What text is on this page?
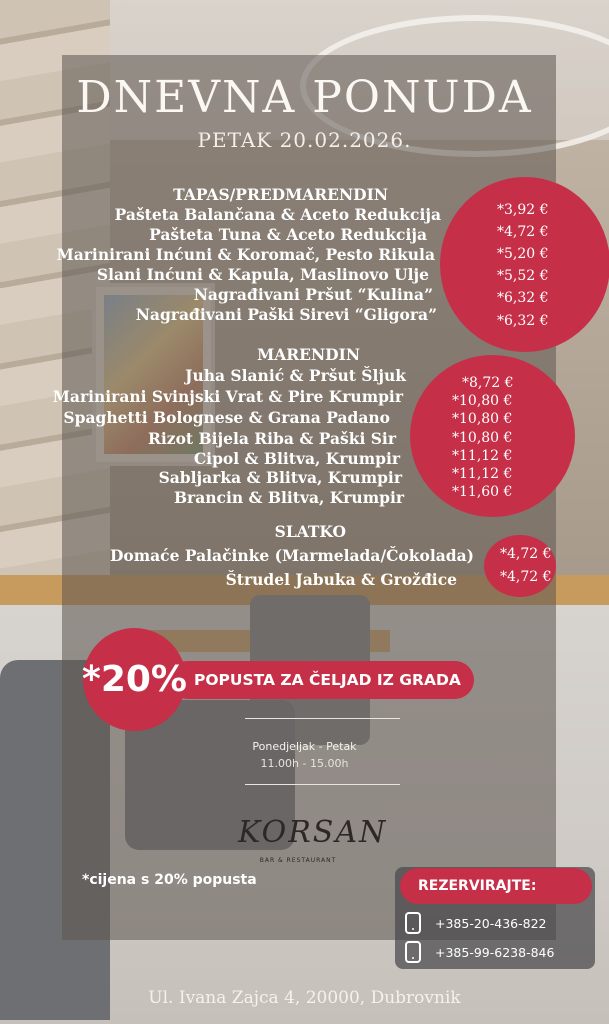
DNEVNA PONUDA
PETAK 20.02.2026.
TAPAS/PREDMARENDIN
Pašteta Balančana & Aceto Redukcija
Pašteta Tuna & Aceto Redukcija
Marinirani Inćuni & Koromač, Pesto Rikula
Slani Inćuni & Kapula, Maslinovo Ulje
Nagrađivani Pršut “Kulina”
Nagrađivani Paški Sirevi “Gligora”
*3,92 €
*4,72 €
*5,20 €
*5,52 €
*6,32 €
*6,32 €
MARENDIN
Juha Slanić & Pršut Šljuk
Marinirani Svinjski Vrat & Pire Krumpir
Spaghetti Bolognese & Grana Padano
Rizot Bijela Riba & Paški Sir
Cipol & Blitva, Krumpir
Sabljarka & Blitva, Krumpir
Brancin & Blitva, Krumpir
*8,72 €
*10,80 €
*10,80 €
*10,80 €
*11,12 €
*11,12 €
*11,60 €
SLATKO
Domaće Palačinke (Marmelada/Čokolada)
Štrudel Jabuka & Grožđice
*4,72 €
*4,72 €
POPUSTA ZA ČELJAD IZ GRADA
*20%
Ponedjeljak - Petak
11.00h - 15.00h
KORSAN
BAR & RESTAURANT
*cijena s 20% popusta	REZERVIRAJTE:
+385-20-436-822
+385-99-6238-846
Ul. Ivana Zajca 4, 20000, Dubrovnik
